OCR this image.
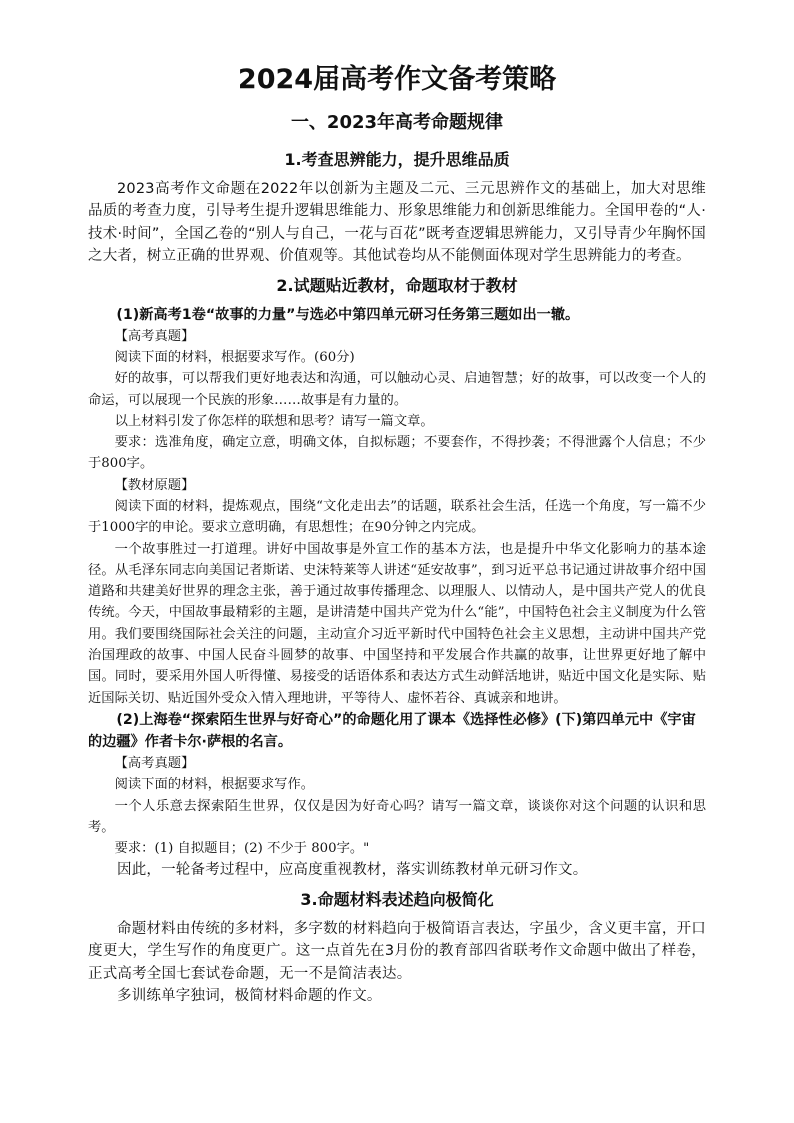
2024届高考作文备考策略
一、2023年高考命题规律
1.考查思辨能力，提升思维品质

2023高考作文命题在2022年以创新为主题及二元、三元思辨作文的基础上，加大对思维品质的考查力度，引导考生提升逻辑思维能力、形象思维能力和创新思维能力。全国甲卷的“人·技术·时间”，全国乙卷的“别人与自己，一花与百花”既考查逻辑思辨能力，又引导青少年胸怀国之大者，树立正确的世界观、价值观等。其他试卷均从不能侧面体现对学生思辨能力的考查。

2.试题贴近教材，命题取材于教材

(1)新高考1卷“故事的力量”与选必中第四单元研习任务第三题如出一辙。

【高考真题】

阅读下面的材料，根据要求写作。(60分)

好的故事，可以帮我们更好地表达和沟通，可以触动心灵、启迪智慧；好的故事，可以改变一个人的命运，可以展现一个民族的形象……故事是有力量的。

以上材料引发了你怎样的联想和思考？请写一篇文章。

要求：选准角度，确定立意，明确文体，自拟标题；不要套作，不得抄袭；不得泄露个人信息；不少于800字。

【教材原题】

阅读下面的材料，提炼观点，围绕“文化走出去”的话题，联系社会生活，任选一个角度，写一篇不少于1000字的申论。要求立意明确，有思想性；在90分钟之内完成。

一个故事胜过一打道理。讲好中国故事是外宣工作的基本方法，也是提升中华文化影响力的基本途径。从毛泽东同志向美国记者斯诺、史沫特莱等人讲述“延安故事”，到习近平总书记通过讲故事介绍中国道路和共建美好世界的理念主张，善于通过故事传播理念、以理服人、以情动人，是中国共产党人的优良传统。今天，中国故事最精彩的主题，是讲清楚中国共产党为什么“能”，中国特色社会主义制度为什么管用。我们要围绕国际社会关注的问题，主动宣介习近平新时代中国特色社会主义思想，主动讲中国共产党治国理政的故事、中国人民奋斗圆梦的故事、中国坚持和平发展合作共赢的故事，让世界更好地了解中国。同时，要采用外国人听得懂、易接受的话语体系和表达方式生动鲜活地讲，贴近中国文化是实际、贴近国际关切、贴近国外受众入情入理地讲，平等待人、虚怀若谷、真诚亲和地讲。

(2)上海卷“探索陌生世界与好奇心”的命题化用了课本《选择性必修》(下)第四单元中《宇宙的边疆》作者卡尔·萨根的名言。

【高考真题】

阅读下面的材料，根据要求写作。

一个人乐意去探索陌生世界，仅仅是因为好奇心吗？请写一篇文章，谈谈你对这个问题的认识和思考。

要求：(1) 自拟题目；(2) 不少于 800字。"

因此，一轮备考过程中，应高度重视教材，落实训练教材单元研习作文。

3.命题材料表述趋向极简化

命题材料由传统的多材料，多字数的材料趋向于极简语言表达，字虽少，含义更丰富，开口度更大，学生写作的角度更广。这一点首先在3月份的教育部四省联考作文命题中做出了样卷，正式高考全国七套试卷命题，无一不是简洁表达。

多训练单字独词，极简材料命题的作文。
